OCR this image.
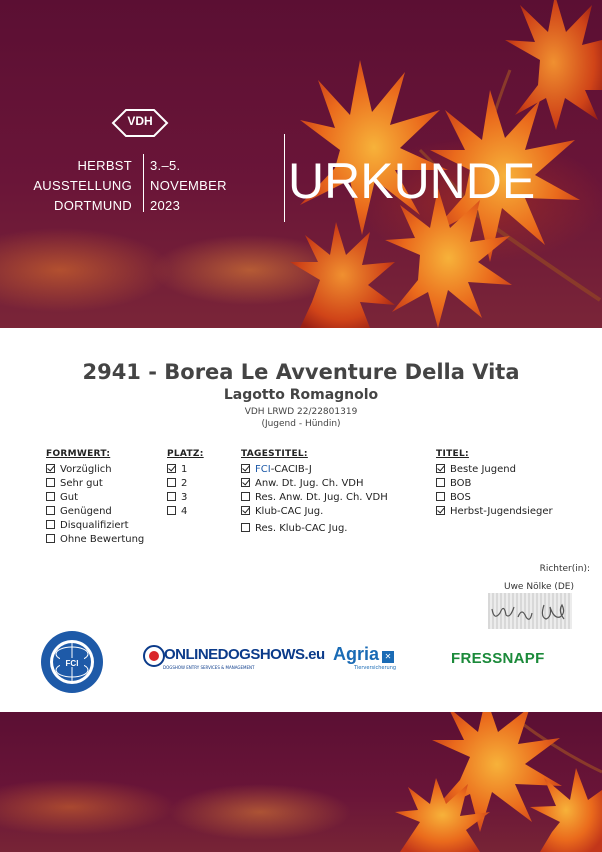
VDH
HERBST
AUSSTELLUNG
DORTMUND
3.–5.
NOVEMBER
2023	URKUNDE
2941 - Borea Le Avventure Della Vita
Lagotto Romagnolo
VDH LRWD 22/22801319
(Jugend - Hündin)
FORMWERT:
Vorzüglich
Sehr gut
Gut
Genügend
Disqualifiziert
Ohne Bewertung
PLATZ:
1
2
3
4
TAGESTITEL:
FCI-CACIB-J
Anw. Dt. Jug. Ch. VDH
Res. Anw. Dt. Jug. Ch. VDH
Klub-CAC Jug.
Res. Klub-CAC Jug.
TITEL:
Beste Jugend
BOB
BOS
Herbst-Jugendsieger
Richter(in):
Uwe Nölke (DE)
FCI
ONLINEDOGSHOWS.eu
DOGSHOW ENTRY SERVICES & MANAGEMENT
Agria ✕
Tierversicherung
FRESSNAPF
